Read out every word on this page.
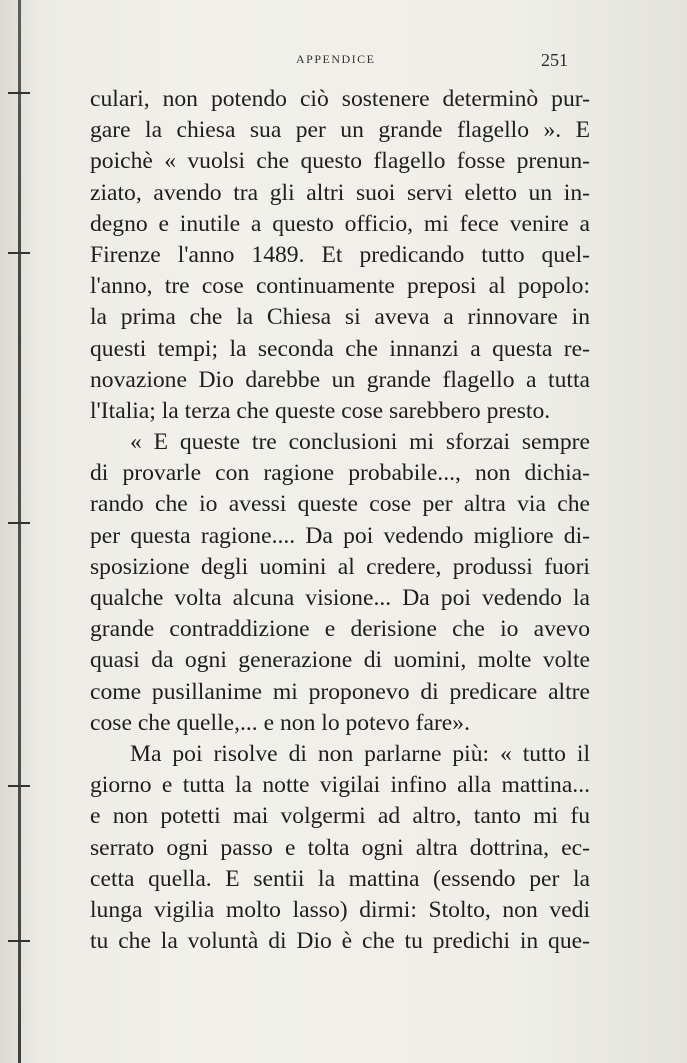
APPENDICE	251
culari, non potendo ciò sostenere determinò pur-
gare la chiesa sua per un grande flagello ». E
poichè « vuolsi che questo flagello fosse prenun-
ziato, avendo tra gli altri suoi servi eletto un in-
degno e inutile a questo officio, mi fece venire a
Firenze l'anno 1489. Et predicando tutto quel-
l'anno, tre cose continuamente preposi al popolo:
la prima che la Chiesa si aveva a rinnovare in
questi tempi; la seconda che innanzi a questa re-
novazione Dio darebbe un grande flagello a tutta
l'Italia; la terza che queste cose sarebbero presto.
« E queste tre conclusioni mi sforzai sempre
di provarle con ragione probabile..., non dichia-
rando che io avessi queste cose per altra via che
per questa ragione.... Da poi vedendo migliore di-
sposizione degli uomini al credere, produssi fuori
qualche volta alcuna visione... Da poi vedendo la
grande contraddizione e derisione che io avevo
quasi da ogni generazione di uomini, molte volte
come pusillanime mi proponevo di predicare altre
cose che quelle,... e non lo potevo fare».
Ma poi risolve di non parlarne più: « tutto il
giorno e tutta la notte vigilai infino alla mattina...
e non potetti mai volgermi ad altro, tanto mi fu
serrato ogni passo e tolta ogni altra dottrina, ec-
cetta quella. E sentii la mattina (essendo per la
lunga vigilia molto lasso) dirmi: Stolto, non vedi
tu che la voluntà di Dio è che tu predichi in que-
